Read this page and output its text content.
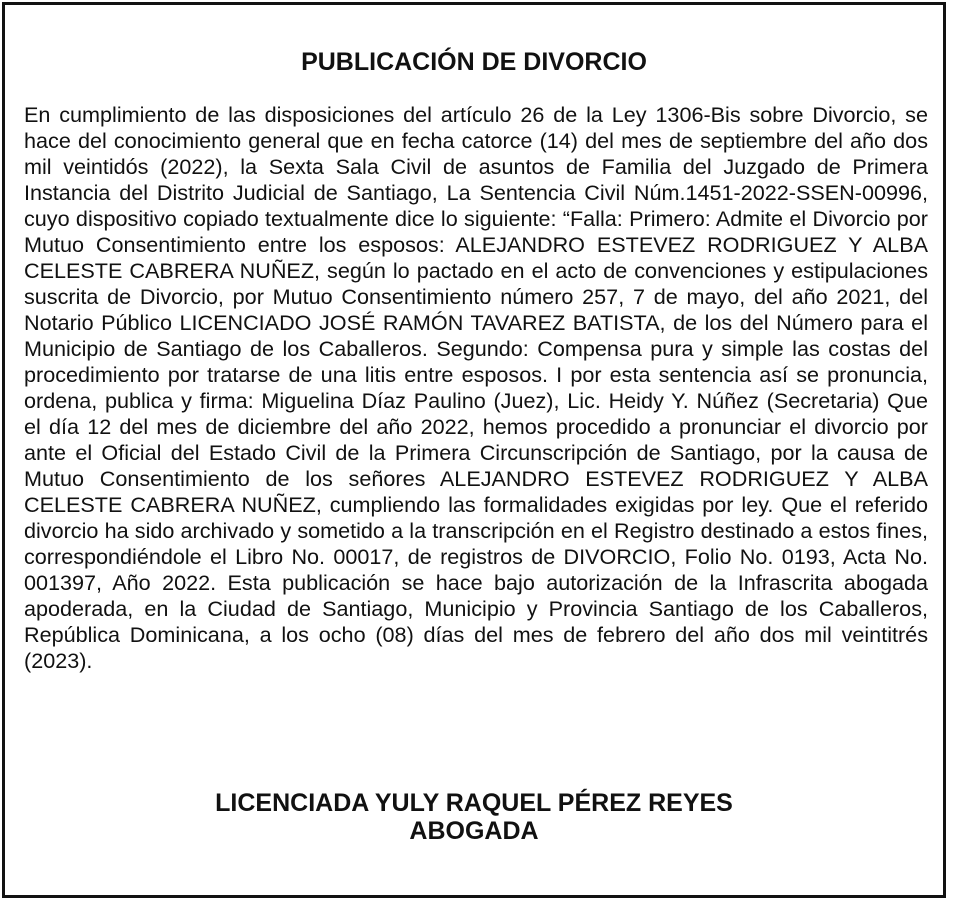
PUBLICACIÓN DE DIVORCIO

En cumplimiento de las disposiciones del artículo 26 de la Ley 1306-Bis sobre Divorcio, se hace del conocimiento general que en fecha catorce (14) del mes de septiembre del año dos mil veintidós (2022), la Sexta Sala Civil de asuntos de Familia del Juzgado de Primera Instancia del Distrito Judicial de Santiago, La Sentencia Civil Núm.1451-2022-SSEN-00996, cuyo dispositivo copiado textualmente dice lo siguiente: “Falla: Primero: Admite el Divorcio por Mutuo Consentimiento entre los esposos: ALEJANDRO ESTEVEZ RODRIGUEZ Y ALBA CELESTE CABRERA NUÑEZ, según lo pactado en el acto de convenciones y estipulaciones suscrita de Divorcio, por Mutuo Consentimiento número 257, 7 de mayo, del año 2021, del Notario Público LICENCIADO JOSÉ RAMÓN TAVAREZ BATISTA, de los del Número para el Municipio de Santiago de los Caballeros. Segundo: Compensa pura y simple las costas del procedimiento por tratarse de una litis entre esposos. I por esta sentencia así se pronuncia, ordena, publica y firma: Miguelina Díaz Paulino (Juez), Lic. Heidy Y. Núñez (Secretaria) Que el día 12 del mes de diciembre del año 2022, hemos procedido a pronunciar el divorcio por ante el Oficial del Estado Civil de la Primera Circunscripción de Santiago, por la causa de Mutuo Consentimiento de los señores ALEJANDRO ESTEVEZ RODRIGUEZ Y ALBA CELESTE CABRERA NUÑEZ, cumpliendo las formalidades exigidas por ley. Que el referido divorcio ha sido archivado y sometido a la transcripción en el Registro destinado a estos fines, correspondiéndole el Libro No. 00017, de registros de DIVORCIO, Folio No. 0193, Acta No. 001397, Año 2022. Esta publicación se hace bajo autorización de la Infrascrita abogada apoderada, en la Ciudad de Santiago, Municipio y Provincia Santiago de los Caballeros, República Dominicana, a los ocho (08) días del mes de febrero del año dos mil veintitrés (2023).

LICENCIADA YULY RAQUEL PÉREZ REYES
ABOGADA
